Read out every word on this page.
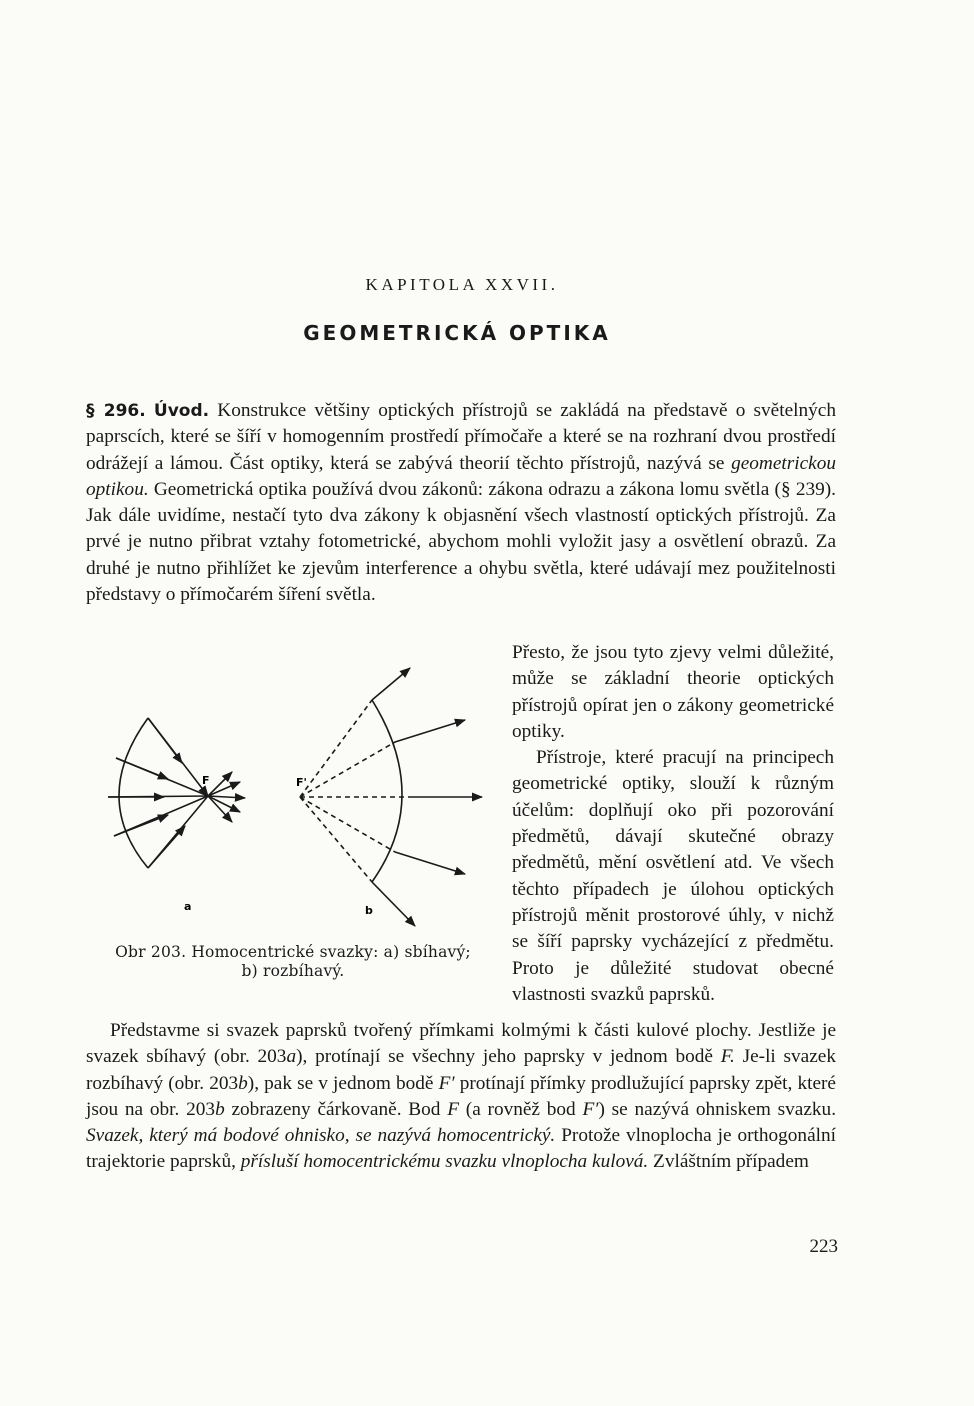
KAPITOLA XXVII.
GEOMETRICKÁ OPTIKA

§ 296. Úvod. Konstrukce většiny optických přístrojů se zakládá na představě o světelných paprscích, které se šíří v homogenním prostředí přímočaře a které se na rozhraní dvou prostředí odrážejí a lámou. Část optiky, která se zabývá theorií těchto přístrojů, nazývá se geometrickou optikou. Geometrická optika používá dvou zákonů: zákona odrazu a zákona lomu světla (§ 239). Jak dále uvidíme, nestačí tyto dva zákony k objasnění všech vlastností optických přístrojů. Za prvé je nutno přibrat vztahy fotometrické, abychom mohli vyložit jasy a osvětlení obrazů. Za druhé je nutno přihlížet ke zjevům interference a ohybu světla, které udávají mez použitelnosti představy o přímočarém šíření světla.

Přesto, že jsou tyto zjevy velmi důležité, může se základní theorie optických přístrojů opírat jen o zákony geometrické optiky.

Přístroje, které pracují na principech geometrické optiky, slouží k různým účelům: doplňují oko při pozorování předmětů, dávají skutečné obrazy předmětů, mění osvětlení atd. Ve všech těchto případech je úlohou optických přístrojů měnit prostorové úhly, v nichž se šíří paprsky vycházející z předmětu. Proto je důležité studovat obecné vlastnosti svazků paprsků.

F
a
F'
b
Obr 203. Homocentrické svazky: a) sbíhavý; b) rozbíhavý.

Představme si svazek paprsků tvořený přímkami kolmými k části kulové plochy. Jestliže je svazek sbíhavý (obr. 203a), protínají se všechny jeho paprsky v jednom bodě F. Je-li svazek rozbíhavý (obr. 203b), pak se v jednom bodě F′ protínají přímky prodlužující paprsky zpět, které jsou na obr. 203b zobrazeny čárkovaně. Bod F (a rovněž bod F′) se nazývá ohniskem svazku. Svazek, který má bodové ohnisko, se nazývá homocentrický. Protože vlnoplocha je orthogonální trajektorie paprsků, přísluší homocentrickému svazku vlnoplocha kulová. Zvláštním případem

223
